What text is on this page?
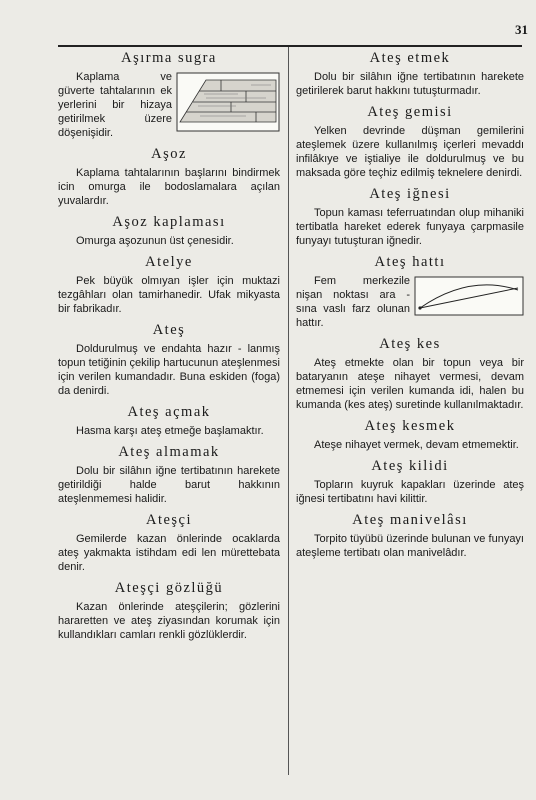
31
Aşırma sugra

Kaplama ve güverte tahtalarının ek yerlerini bir hizaya getirilmek üzere döşenişidir.

Aşoz

Kaplama tahtalarının başlarını bindirmek icin omurga ile bodoslamalara açılan yuvalardır.

Aşoz kaplaması

Omurga aşozunun üst çenesidir.

Atelye

Pek büyük olmıyan işler için muktazi tezgâhları olan tamirhanedir. Ufak mikyasta bir fabrikadır.

Ateş

Doldurulmuş ve endahta hazır - lanmış topun tetiğinin çekilip hartucunun ateşlenmesi için verilen kumandadır. Buna eskiden (foga) da denirdi.

Ateş açmak

Hasma karşı ateş etmeğe başlamaktır.

Ateş almamak

Dolu bir silâhın iğne tertibatının harekete getirildiği halde barut hakkının ateşlenmemesi halidir.

Ateşçi

Gemilerde kazan önlerinde ocaklarda ateş yakmakta istihdam edi len mürettebata denir.

Ateşçi gözlüğü

Kazan önlerinde ateşçilerin; gözlerini hararetten ve ateş ziyasından korumak için kullandıkları camları renkli gözlüklerdir.

Ateş etmek

Dolu bir silâhın iğne tertibatının harekete getirilerek barut hakkını tutuşturmadır.

Ateş gemisi

Yelken devrinde düşman gemilerini ateşlemek üzere kullanılmış içerleri mevaddı infilâkıye ve iştialiye ile doldurulmuş ve bu maksada göre teçhiz edilmiş teknelere denirdi.

Ateş iğnesi

Topun kaması teferruatından olup mihaniki tertibatla hareket ederek funyaya çarpmasile funyayı tutuşturan iğnedir.

Ateş hattı

Fem merkezile nişan noktası ara - sına vaslı farz olunan hattır.

Ateş kes

Ateş etmekte olan bir topun veya bir bataryanın ateşe nihayet vermesi, devam etmemesi için verilen kumanda idi, halen bu kumanda (kes ateş) suretinde kullanılmaktadır.

Ateş kesmek

Ateşe nihayet vermek, devam etmemektir.

Ateş kilidi

Topların kuyruk kapakları üzerinde ateş iğnesi tertibatını havi kilittir.

Ateş manivelâsı

Torpito tüyübü üzerinde bulunan ve funyayı ateşleme tertibatı olan manivelâdır.
